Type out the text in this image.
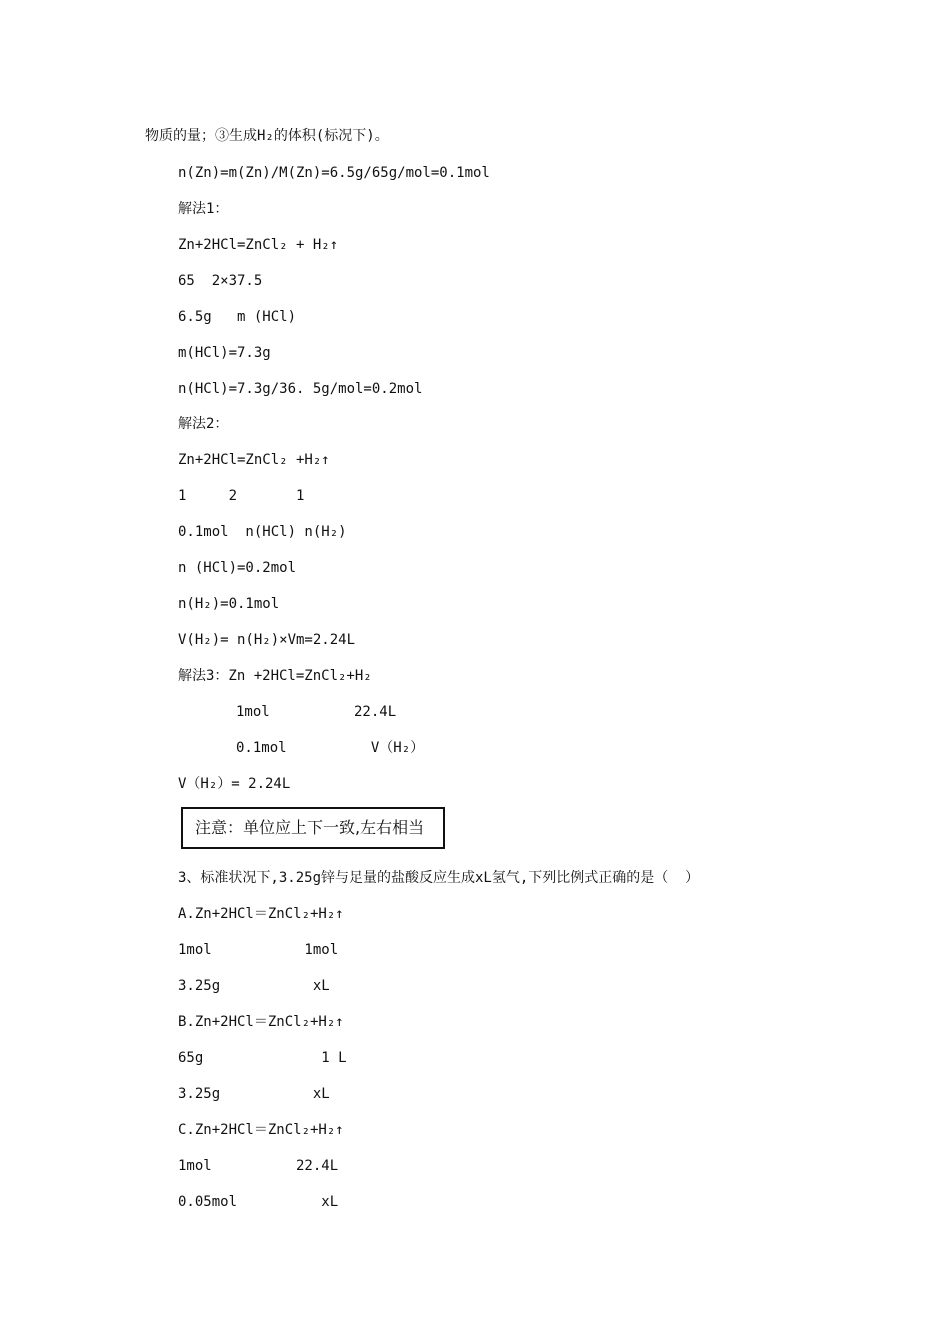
物质的量；③生成H₂的体积(标况下)。
n(Zn)=m(Zn)/M(Zn)=6.5g/65g/mol=0.1mol
解法1：
Zn+2HCl=ZnCl₂ + H₂↑
65  2×37.5
6.5g   m (HCl)
m(HCl)=7.3g
n(HCl)=7.3g/36. 5g/mol=0.2mol
解法2：
Zn+2HCl=ZnCl₂ +H₂↑
1     2       1
0.1mol  n(HCl) n(H₂)
n (HCl)=0.2mol
n(H₂)=0.1mol
V(H₂)= n(H₂)×Vm=2.24L
解法3：Zn +2HCl=ZnCl₂+H₂
1mol          22.4L
0.1mol          V（H₂）
V（H₂）= 2.24L
注意：单位应上下一致,左右相当
3、标准状况下,3.25g锌与足量的盐酸反应生成xL氢气,下列比例式正确的是（  ）
A.Zn+2HCl＝ZnCl₂+H₂↑
1mol           1mol
3.25g           xL
B.Zn+2HCl＝ZnCl₂+H₂↑
65g              1 L
3.25g           xL
C.Zn+2HCl＝ZnCl₂+H₂↑
1mol          22.4L
0.05mol          xL
